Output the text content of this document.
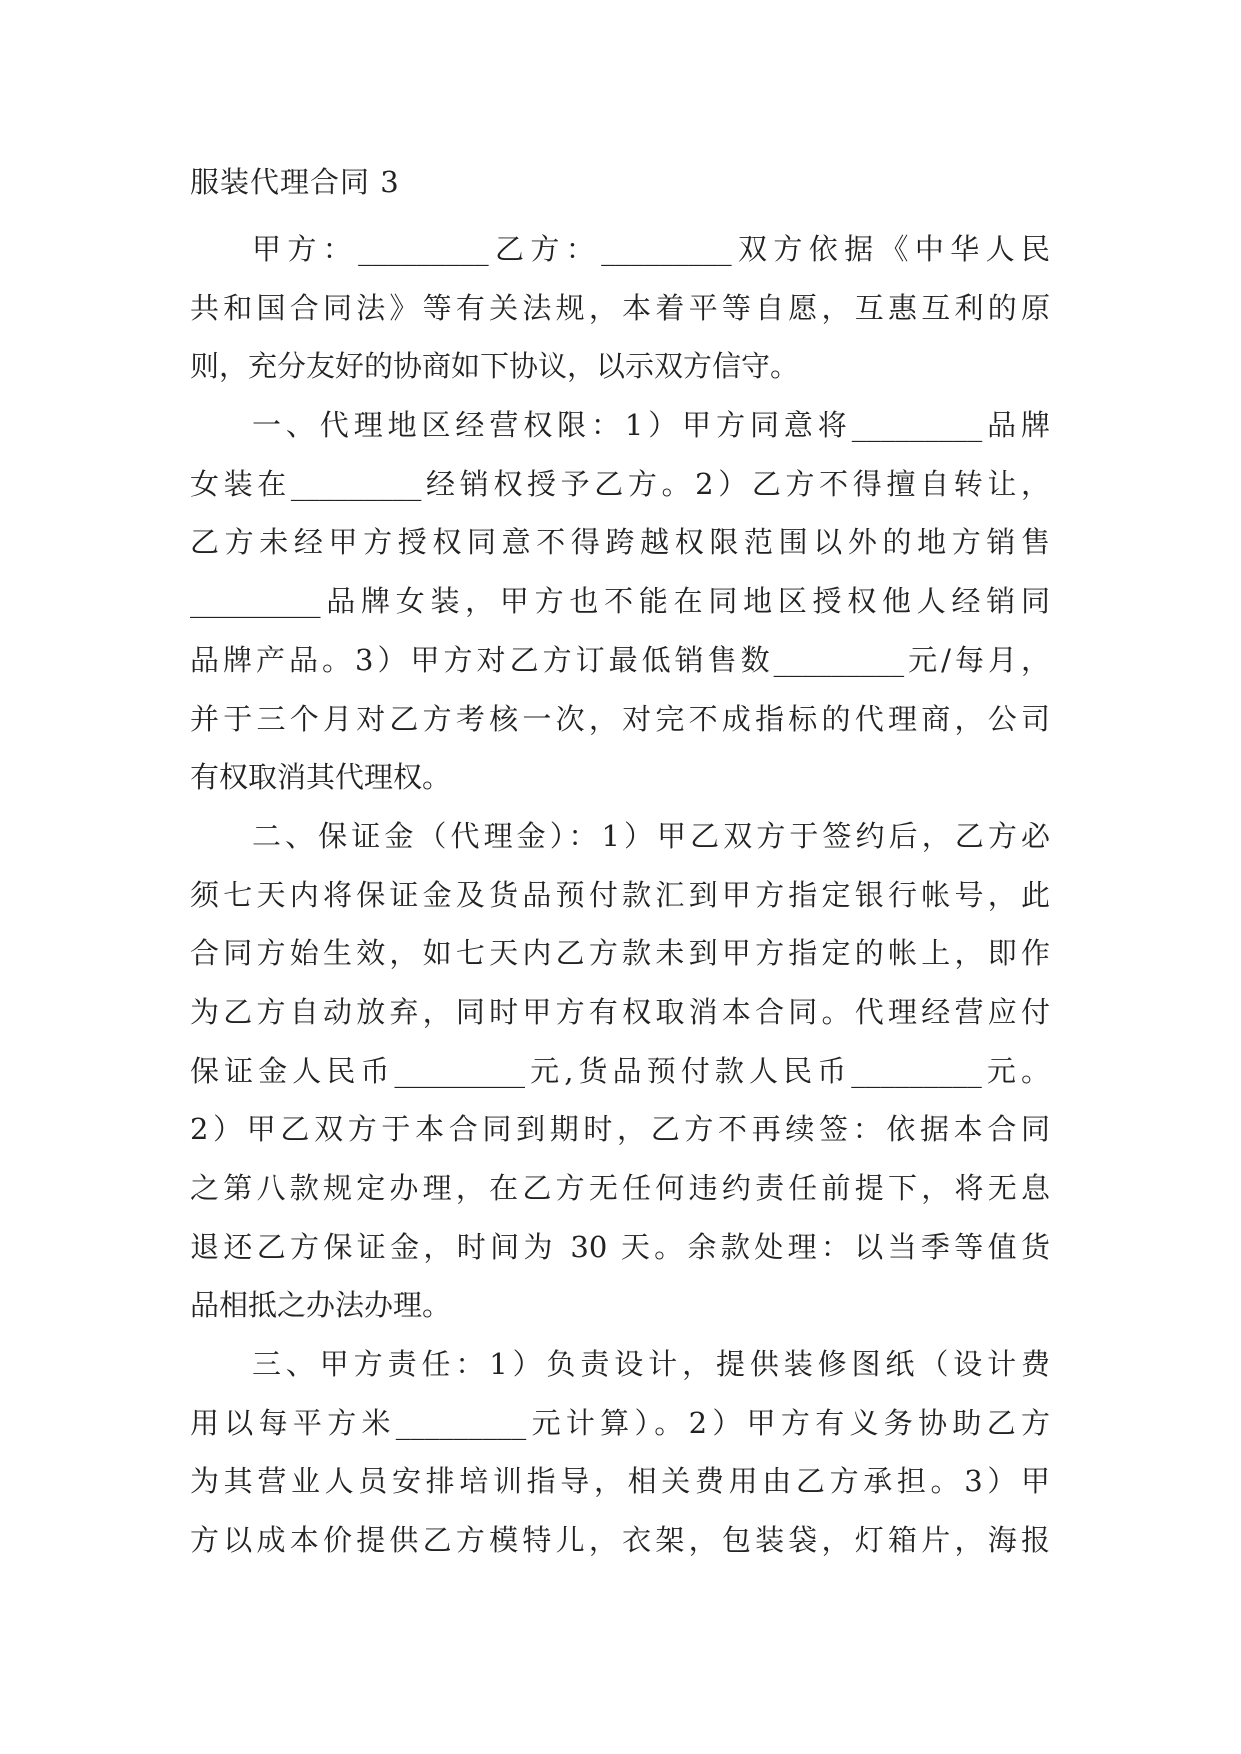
服装代理合同 3
甲方：_________乙方：_________双方依据《中华人民
共和国合同法》等有关法规，本着平等自愿，互惠互利的原
则，充分友好的协商如下协议，以示双方信守。
一、代理地区经营权限：1）甲方同意将_________品牌
女装在_________经销权授予乙方。2）乙方不得擅自转让，
乙方未经甲方授权同意不得跨越权限范围以外的地方销售
_________品牌女装，甲方也不能在同地区授权他人经销同
品牌产品。3）甲方对乙方订最低销售数_________元/每月，
并于三个月对乙方考核一次，对完不成指标的代理商，公司
有权取消其代理权。
二、保证金（代理金）：1）甲乙双方于签约后，乙方必
须七天内将保证金及货品预付款汇到甲方指定银行帐号，此
合同方始生效，如七天内乙方款未到甲方指定的帐上，即作
为乙方自动放弃，同时甲方有权取消本合同。代理经营应付
保证金人民币_________元,货品预付款人民币_________元。
2）甲乙双方于本合同到期时，乙方不再续签：依据本合同
之第八款规定办理，在乙方无任何违约责任前提下，将无息
退还乙方保证金，时间为 30 天。余款处理：以当季等值货
品相抵之办法办理。
三、甲方责任：1）负责设计，提供装修图纸（设计费
用以每平方米_________元计算）。2）甲方有义务协助乙方
为其营业人员安排培训指导，相关费用由乙方承担。3）甲
方以成本价提供乙方模特儿，衣架，包装袋，灯箱片，海报
